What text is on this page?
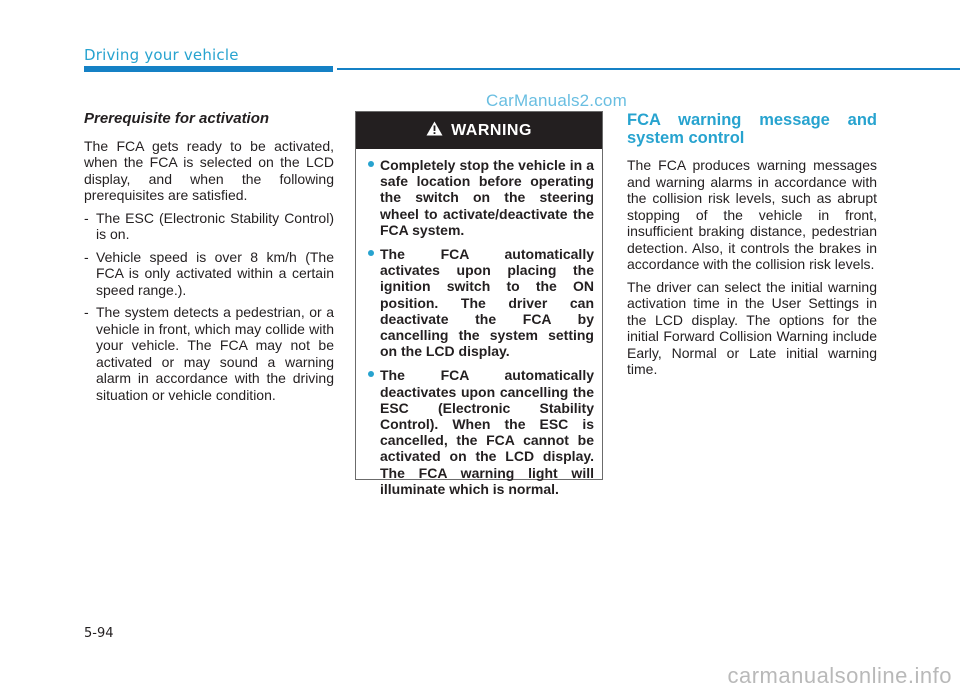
Driving your vehicle
CarManuals2.com
Prerequisite for activation

The FCA gets ready to be activated, when the FCA is selected on the LCD display, and when the following prerequisites are satisfied.

- The ESC (Electronic Stability Control) is on.
- Vehicle speed is over 8 km/h (The FCA is only activated within a certain speed range.).
- The system detects a pedestrian, or a vehicle in front, which may collide with your vehicle. The FCA may not be activated or may sound a warning alarm in accordance with the driving situation or vehicle condition.
WARNING
Completely stop the vehicle in a safe location before operating the switch on the steering wheel to activate/deactivate the FCA system.
The FCA automatically activates upon placing the ignition switch to the ON position. The driver can deactivate the FCA by cancelling the system setting on the LCD display.
The FCA automatically deactivates upon cancelling the ESC (Electronic Stability Control). When the ESC is cancelled, the FCA cannot be activated on the LCD display. The FCA warning light will illuminate which is normal.
FCA warning message and system control

The FCA produces warning messages and warning alarms in accordance with the collision risk levels, such as abrupt stopping of the vehicle in front, insufficient braking distance, pedestrian detection. Also, it controls the brakes in accordance with the collision risk levels.

The driver can select the initial warning activation time in the User Settings in the LCD display. The options for the initial Forward Collision Warning include Early, Normal or Late initial warning time.

5-94
carmanualsonline.info
